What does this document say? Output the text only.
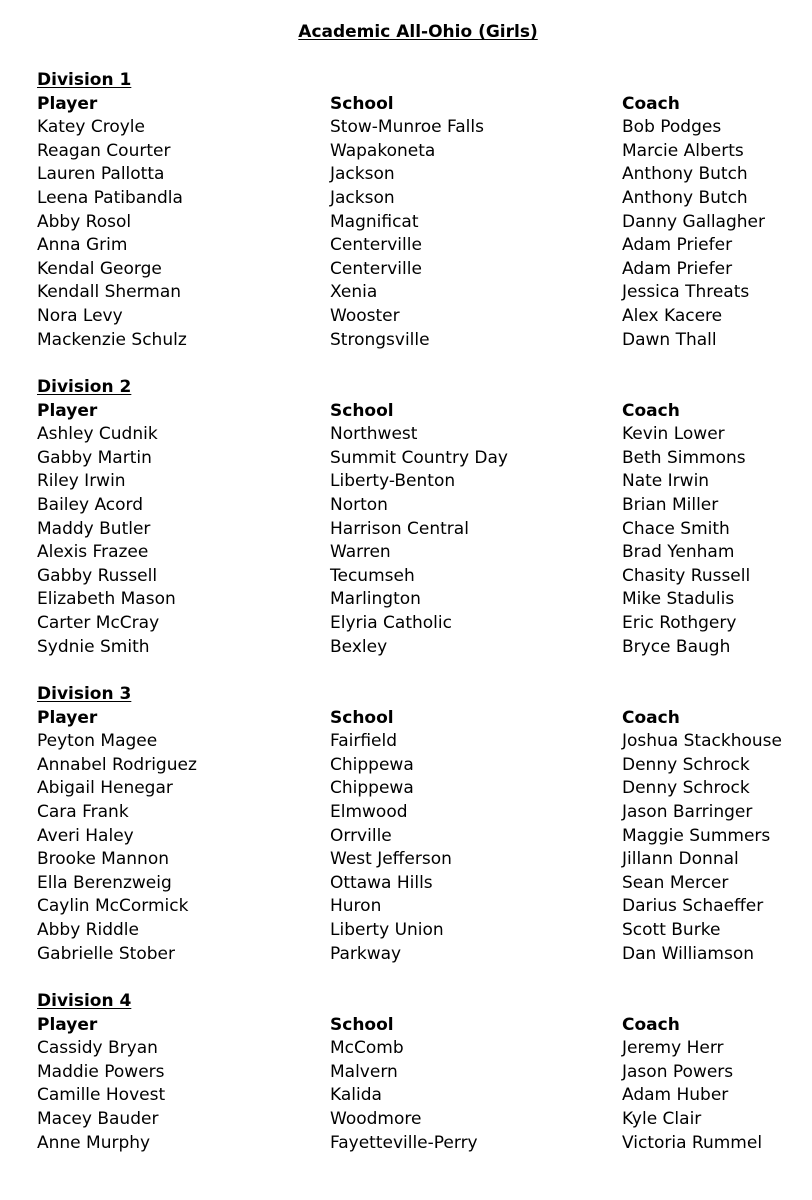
Academic All-Ohio (Girls)
Division 1
Player	School	Coach
Katey Croyle	Stow-Munroe Falls	Bob Podges
Reagan Courter	Wapakoneta	Marcie Alberts
Lauren Pallotta	Jackson	Anthony Butch
Leena Patibandla	Jackson	Anthony Butch
Abby Rosol	Magnificat	Danny Gallagher
Anna Grim	Centerville	Adam Priefer
Kendal George	Centerville	Adam Priefer
Kendall Sherman	Xenia	Jessica Threats
Nora Levy	Wooster	Alex Kacere
Mackenzie Schulz	Strongsville	Dawn Thall
Division 2
Player	School	Coach
Ashley Cudnik	Northwest	Kevin Lower
Gabby Martin	Summit Country Day	Beth Simmons
Riley Irwin	Liberty-Benton	Nate Irwin
Bailey Acord	Norton	Brian Miller
Maddy Butler	Harrison Central	Chace Smith
Alexis Frazee	Warren	Brad Yenham
Gabby Russell	Tecumseh	Chasity Russell
Elizabeth Mason	Marlington	Mike Stadulis
Carter McCray	Elyria Catholic	Eric Rothgery
Sydnie Smith	Bexley	Bryce Baugh
Division 3
Player	School	Coach
Peyton Magee	Fairfield	Joshua Stackhouse
Annabel Rodriguez	Chippewa	Denny Schrock
Abigail Henegar	Chippewa	Denny Schrock
Cara Frank	Elmwood	Jason Barringer
Averi Haley	Orrville	Maggie Summers
Brooke Mannon	West Jefferson	Jillann Donnal
Ella Berenzweig	Ottawa Hills	Sean Mercer
Caylin McCormick	Huron	Darius Schaeffer
Abby Riddle	Liberty Union	Scott Burke
Gabrielle Stober	Parkway	Dan Williamson
Division 4
Player	School	Coach
Cassidy Bryan	McComb	Jeremy Herr
Maddie Powers	Malvern	Jason Powers
Camille Hovest	Kalida	Adam Huber
Macey Bauder	Woodmore	Kyle Clair
Anne Murphy	Fayetteville-Perry	Victoria Rummel
